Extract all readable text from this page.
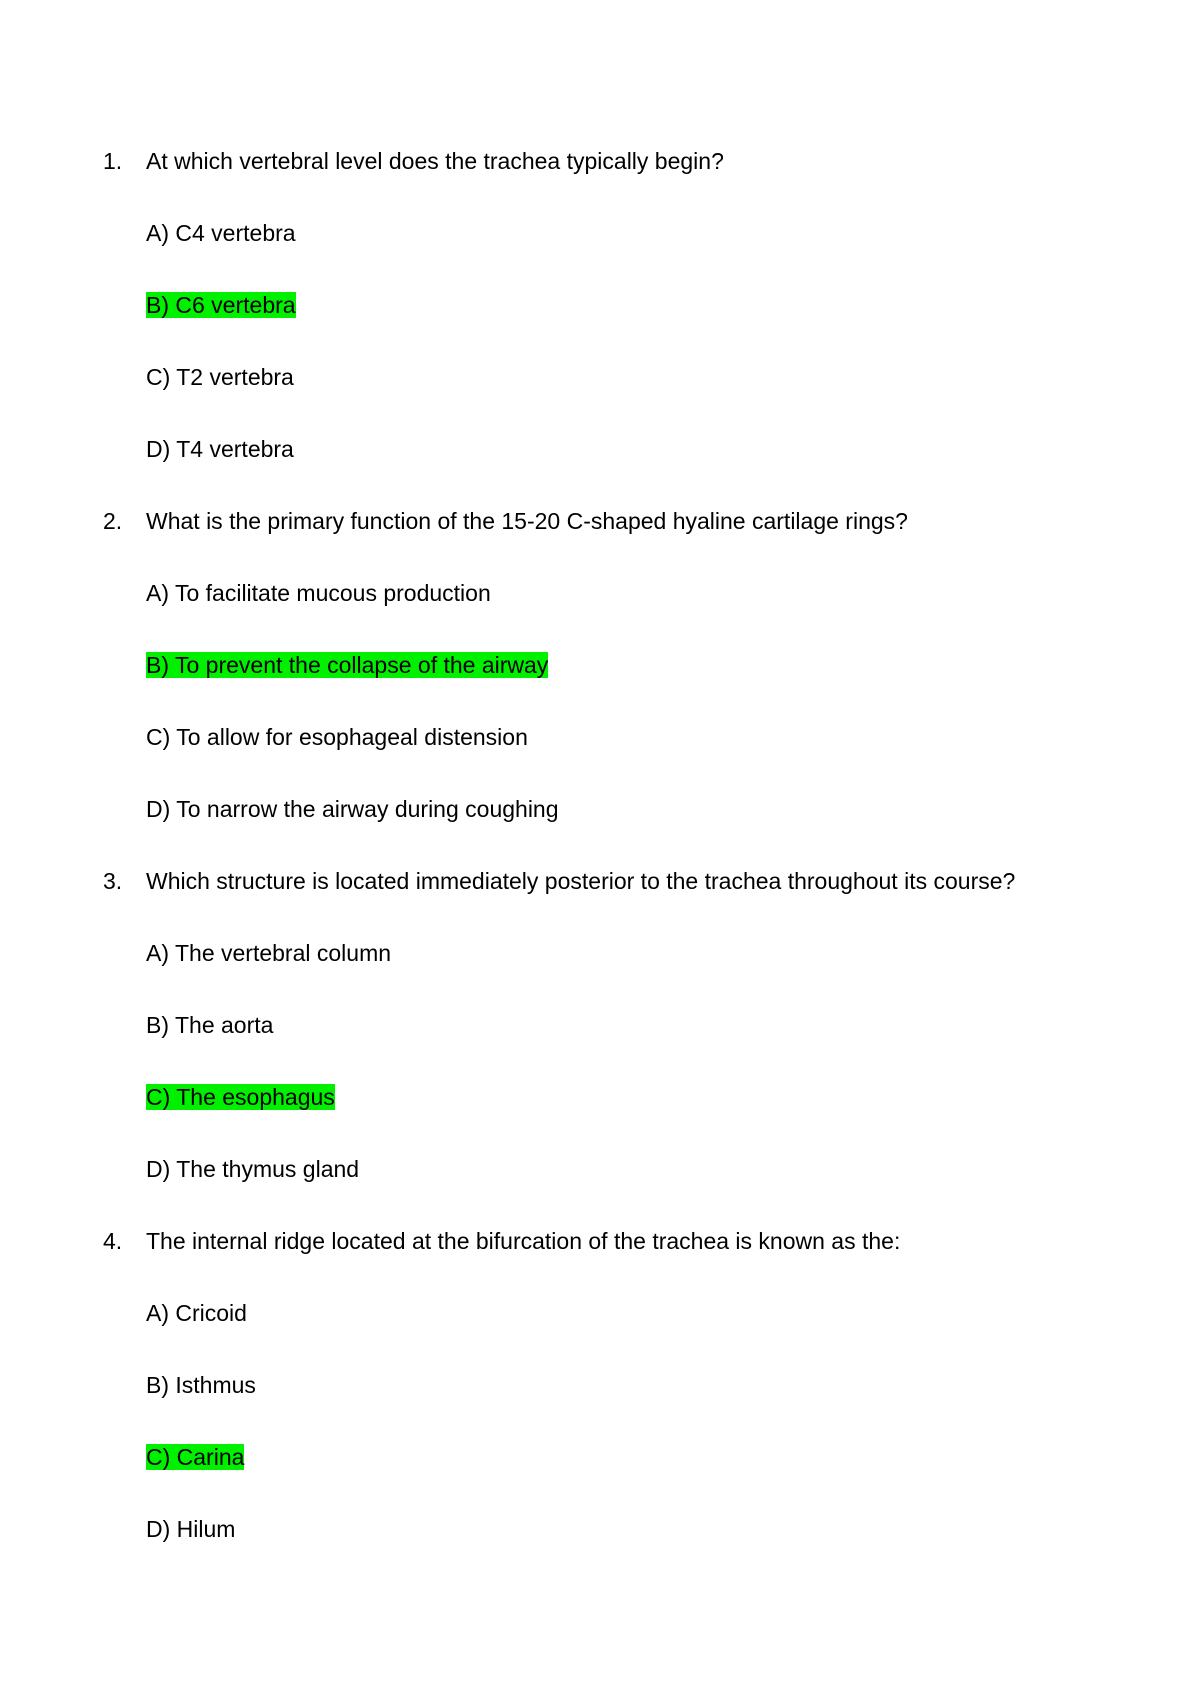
1.	At which vertebral level does the trachea typically begin?
A) C4 vertebra
B) C6 vertebra
C) T2 vertebra
D) T4 vertebra
2.	What is the primary function of the 15-20 C-shaped hyaline cartilage rings?
A) To facilitate mucous production
B) To prevent the collapse of the airway
C) To allow for esophageal distension
D) To narrow the airway during coughing
3.	Which structure is located immediately posterior to the trachea throughout its course?
A) The vertebral column
B) The aorta
C) The esophagus
D) The thymus gland
4.	The internal ridge located at the bifurcation of the trachea is known as the:
A) Cricoid
B) Isthmus
C) Carina
D) Hilum
